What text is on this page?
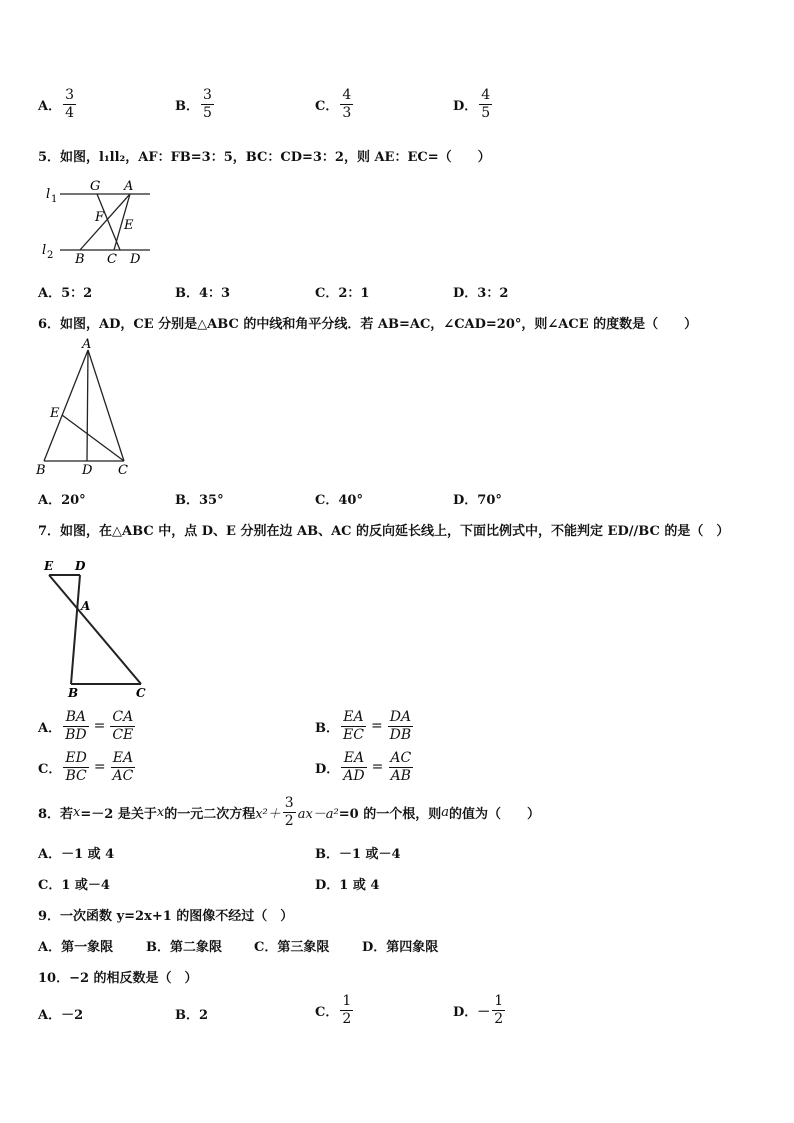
A． $\frac{3}{4}$	B． $\frac{3}{5}$	C． $\frac{4}{3}$	D． $\frac{4}{5}$
5．如图，l₁ll₂，AF：FB=3：5，BC：CD=3：2，则 AE：EC=（　　）
G A
F
E
B C D
l 1
l 2
A．5：2	B．4：3	C．2：1	D．3：2
6．如图，AD，CE 分别是△ABC 的中线和角平分线．若 AB=AC，∠CAD=20°，则∠ACE 的度数是（　　）
A
E
B	D C
A．20°	B．35°	C．40°	D．70°
7．如图，在△ABC 中，点 D、E 分别在边 AB、AC 的反向延长线上，下面比例式中，不能判定 ED//BC 的是（　）
E D
A
B	C
A． $\frac{BA}{BD} = \frac{CA}{CE}$	B． $\frac{EA}{EC} = \frac{DA}{DB}$
C． $\frac{ED}{BC} = \frac{EA}{AC}$	D． $\frac{EA}{AD} = \frac{AC}{AB}$
8．若 x =－2 是关于 x 的一元二次方程 $x^2+ \frac{3}{2} ax-a^2 =0$ 的一个根，则 a 的值为（　　）
A．－1 或 4	B．－1 或－4
C．1 或－4	D．1 或 4
9．一次函数 y=2x+1 的图像不经过（　）
A．第一象限	B．第二象限 C．第三象限	D．第四象限
10．−2 的相反数是（　）
A．－2	B．2	C． $\frac{1}{2}$	D． － $\frac{1}{2}$
